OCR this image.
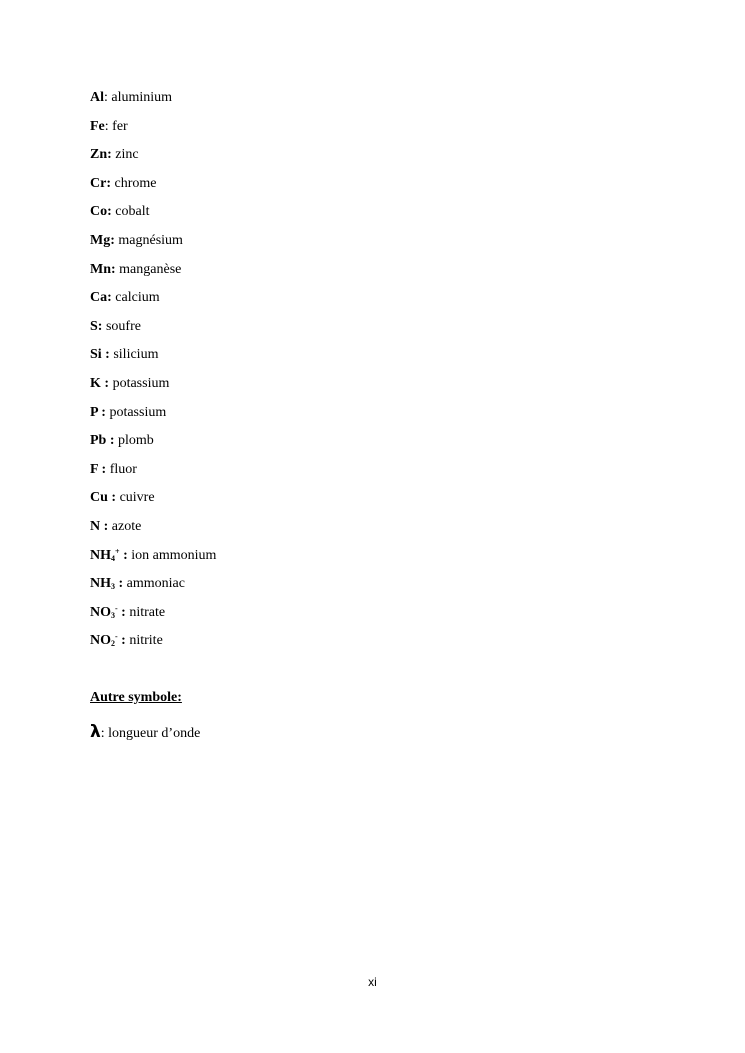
Al: aluminium
Fe: fer
Zn: zinc
Cr: chrome
Co: cobalt
Mg: magnésium
Mn: manganèse
Ca: calcium
S: soufre
Si : silicium
K : potassium
P : potassium
Pb : plomb
F : fluor
Cu : cuivre
N : azote
$NH_4^+$ : ion ammonium
$NH_3$ : ammoniac
$NO_3^-$ : nitrate
$NO_2^-$ : nitrite

Autre symbole:

λ: longueur d’onde

xi
